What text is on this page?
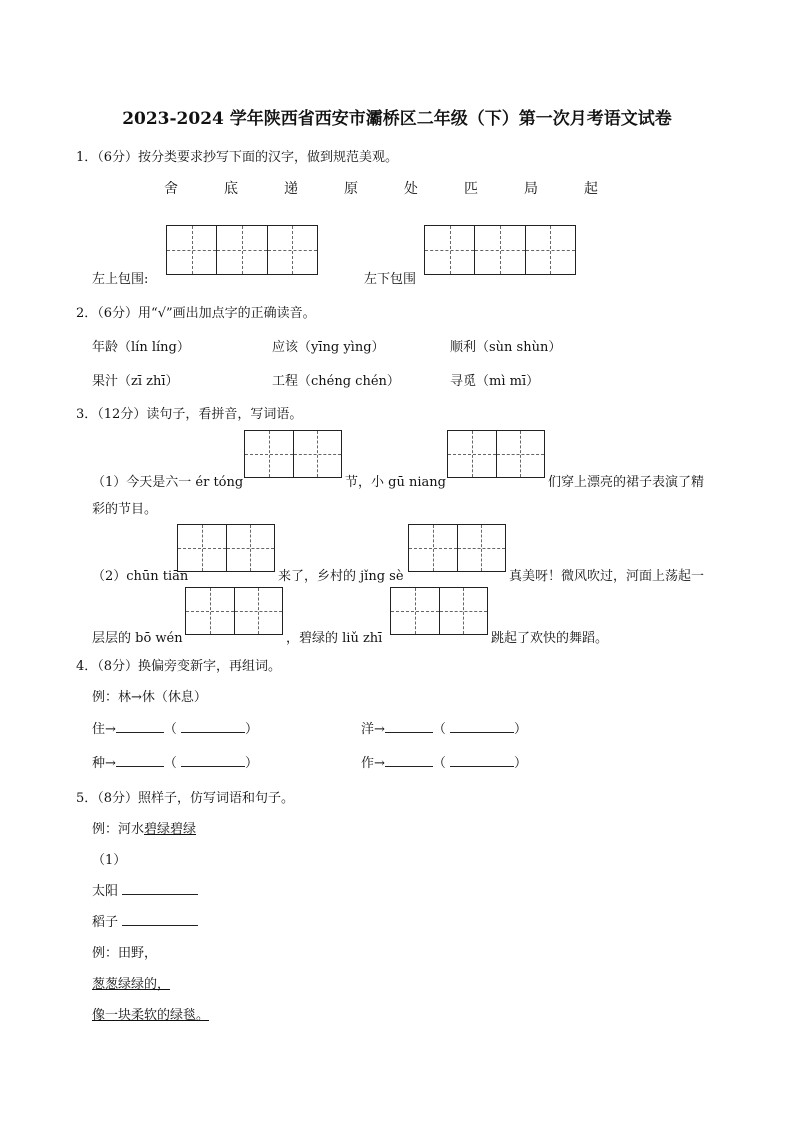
2023-2024 学年陕西省西安市灞桥区二年级（下）第一次月考语文试卷
1．（6分）按分类要求抄写下面的汉字，做到规范美观。
舍	底	递	原	处	匹	局	起
左上包围:	左下包围
2．（6分）用“√”画出加点字的正确读音。
年龄（lín líng）	应该（yīng yìng）	顺利（sùn shùn）
果汁（zī zhī）	工程（chéng chén）	寻觅（mì mī）
3．（12分）读句子，看拼音，写词语。
（1）今天是六一 ér tóng	节，小 gū niang	们穿上漂亮的裙子表演了精
彩的节目。
（2）chūn tiān	来了，乡村的 jǐng sè	真美呀！微风吹过，河面上荡起一
层层的 bō wén	，碧绿的 liǔ zhī	跳起了欢快的舞蹈。
4．（8分）换偏旁变新字，再组词。
例：林→休（休息）
住→	（	）	洋→	（	）
种→	（	）	作→	（	）
5．（8分）照样子，仿写词语和句子。
例：河水碧绿碧绿
（1）
太阳
稻子
例：田野，
葱葱绿绿的，
像一块柔软的绿毯。
